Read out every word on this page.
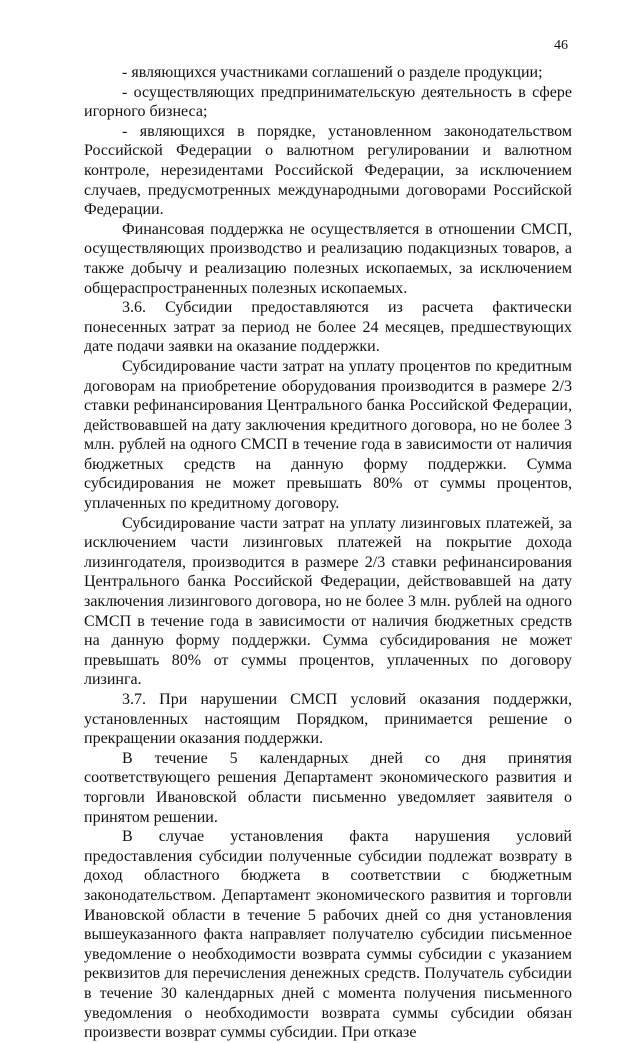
46

- являющихся участниками соглашений о разделе продукции;

- осуществляющих предпринимательскую деятельность в сфере игорного бизнеса;

- являющихся в порядке, установленном законодательством Российской Федерации о валютном регулировании и валютном контроле, нерезидентами Российской Федерации, за исключением случаев, предусмотренных международными договорами Российской Федерации.

Финансовая поддержка не осуществляется в отношении СМСП, осуществляющих производство и реализацию подакцизных товаров, а также добычу и реализацию полезных ископаемых, за исключением общераспространенных полезных ископаемых.

3.6. Субсидии предоставляются из расчета фактически понесенных затрат за период не более 24 месяцев, предшествующих дате подачи заявки на оказание поддержки.

Субсидирование части затрат на уплату процентов по кредитным договорам на приобретение оборудования производится в размере 2/3 ставки рефинансирования Центрального банка Российской Федерации, действовавшей на дату заключения кредитного договора, но не более 3 млн. рублей на одного СМСП в течение года в зависимости от наличия бюджетных средств на данную форму поддержки. Сумма субсидирования не может превышать 80% от суммы процентов, уплаченных по кредитному договору.

Субсидирование части затрат на уплату лизинговых платежей, за исключением части лизинговых платежей на покрытие дохода лизингодателя, производится в размере 2/3 ставки рефинансирования Центрального банка Российской Федерации, действовавшей на дату заключения лизингового договора, но не более 3 млн. рублей на одного СМСП в течение года в зависимости от наличия бюджетных средств на данную форму поддержки. Сумма субсидирования не может превышать 80% от суммы процентов, уплаченных по договору лизинга.

3.7. При нарушении СМСП условий оказания поддержки, установленных настоящим Порядком, принимается решение о прекращении оказания поддержки.

В течение 5 календарных дней со дня принятия соответствующего решения Департамент экономического развития и торговли Ивановской области письменно уведомляет заявителя о принятом решении.

В случае установления факта нарушения условий предоставления субсидии полученные субсидии подлежат возврату в доход областного бюджета в соответствии с бюджетным законодательством. Департамент экономического развития и торговли Ивановской области в течение 5 рабочих дней со дня установления вышеуказанного факта направляет получателю субсидии письменное уведомление о необходимости возврата суммы субсидии с указанием реквизитов для перечисления денежных средств. Получатель субсидии в течение 30 календарных дней с момента получения письменного уведомления о необходимости возврата суммы субсидии обязан произвести возврат суммы субсидии. При отказе
